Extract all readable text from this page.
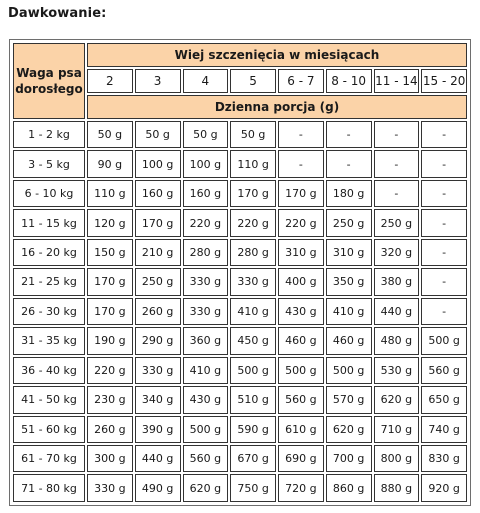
Dawkowanie:
Waga psa dorosłego	Wiej szczenięcia w miesiącach							
	2	3	4	5	6 - 7	8 - 10	11 - 14	15 - 20
	Dzienna porcja (g)							
1 - 2 kg	50 g	50 g	50 g	50 g	-	-	-	-
3 - 5 kg	90 g	100 g	100 g	110 g	-	-	-	-
6 - 10 kg	110 g	160 g	160 g	170 g	170 g	180 g	-	-
11 - 15 kg	120 g	170 g	220 g	220 g	220 g	250 g	250 g	-
16 - 20 kg	150 g	210 g	280 g	280 g	310 g	310 g	320 g	-
21 - 25 kg	170 g	250 g	330 g	330 g	400 g	350 g	380 g	-
26 - 30 kg	170 g	260 g	330 g	410 g	430 g	410 g	440 g	-
31 - 35 kg	190 g	290 g	360 g	450 g	460 g	460 g	480 g	500 g
36 - 40 kg	220 g	330 g	410 g	500 g	500 g	500 g	530 g	560 g
41 - 50 kg	230 g	340 g	430 g	510 g	560 g	570 g	620 g	650 g
51 - 60 kg	260 g	390 g	500 g	590 g	610 g	620 g	710 g	740 g
61 - 70 kg	300 g	440 g	560 g	670 g	690 g	700 g	800 g	830 g
71 - 80 kg	330 g	490 g	620 g	750 g	720 g	860 g	880 g	920 g
